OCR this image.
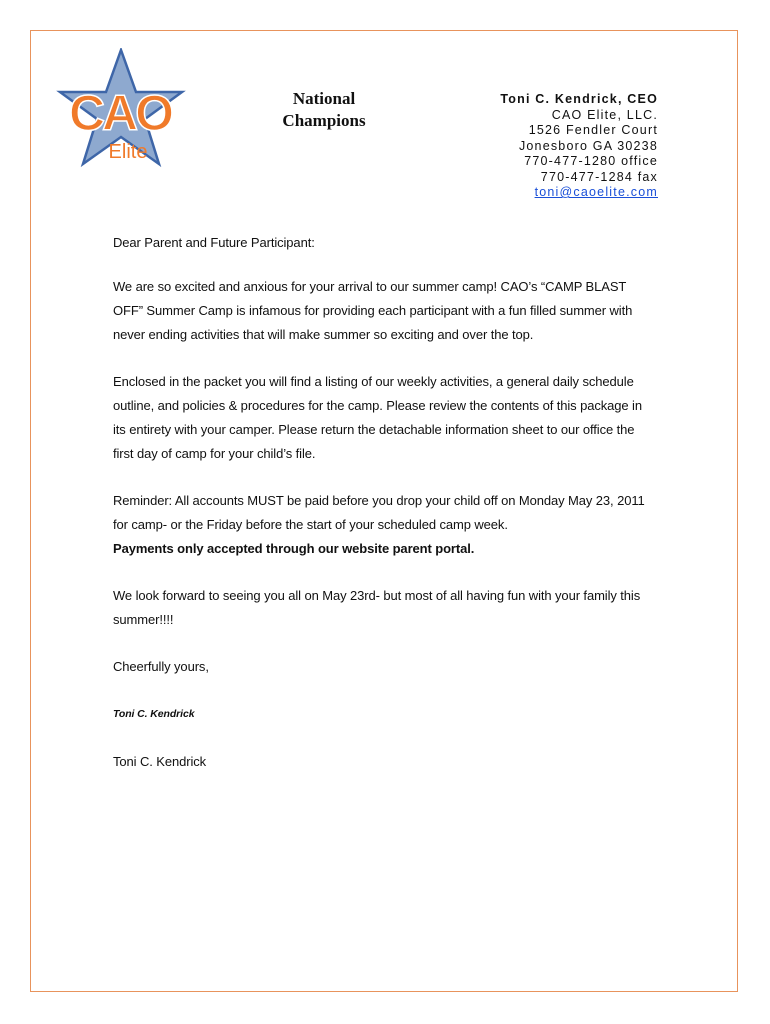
CAO
Elite
National
Champions
Toni C. Kendrick, CEO
CAO Elite, LLC.
1526 Fendler Court
Jonesboro GA 30238
770-477-1280 office
770-477-1284 fax
toni@caoelite.com

Dear Parent and Future Participant:

We are so excited and anxious for your arrival to our summer camp! CAO’s “CAMP BLAST OFF” Summer Camp is infamous for providing each participant with a fun filled summer with never ending activities that will make summer so exciting and over the top.

Enclosed in the packet you will find a listing of our weekly activities, a general daily schedule outline, and policies & procedures for the camp. Please review the contents of this package in its entirety with your camper. Please return the detachable information sheet to our office the first day of camp for your child’s file.

Reminder: All accounts MUST be paid before you drop your child off on Monday May 23, 2011 for camp- or the Friday before the start of your scheduled camp week.
Payments only accepted through our website parent portal.

We look forward to seeing you all on May 23rd- but most of all having fun with your family this summer!!!!

Cheerfully yours,

Toni C. Kendrick

Toni C. Kendrick
